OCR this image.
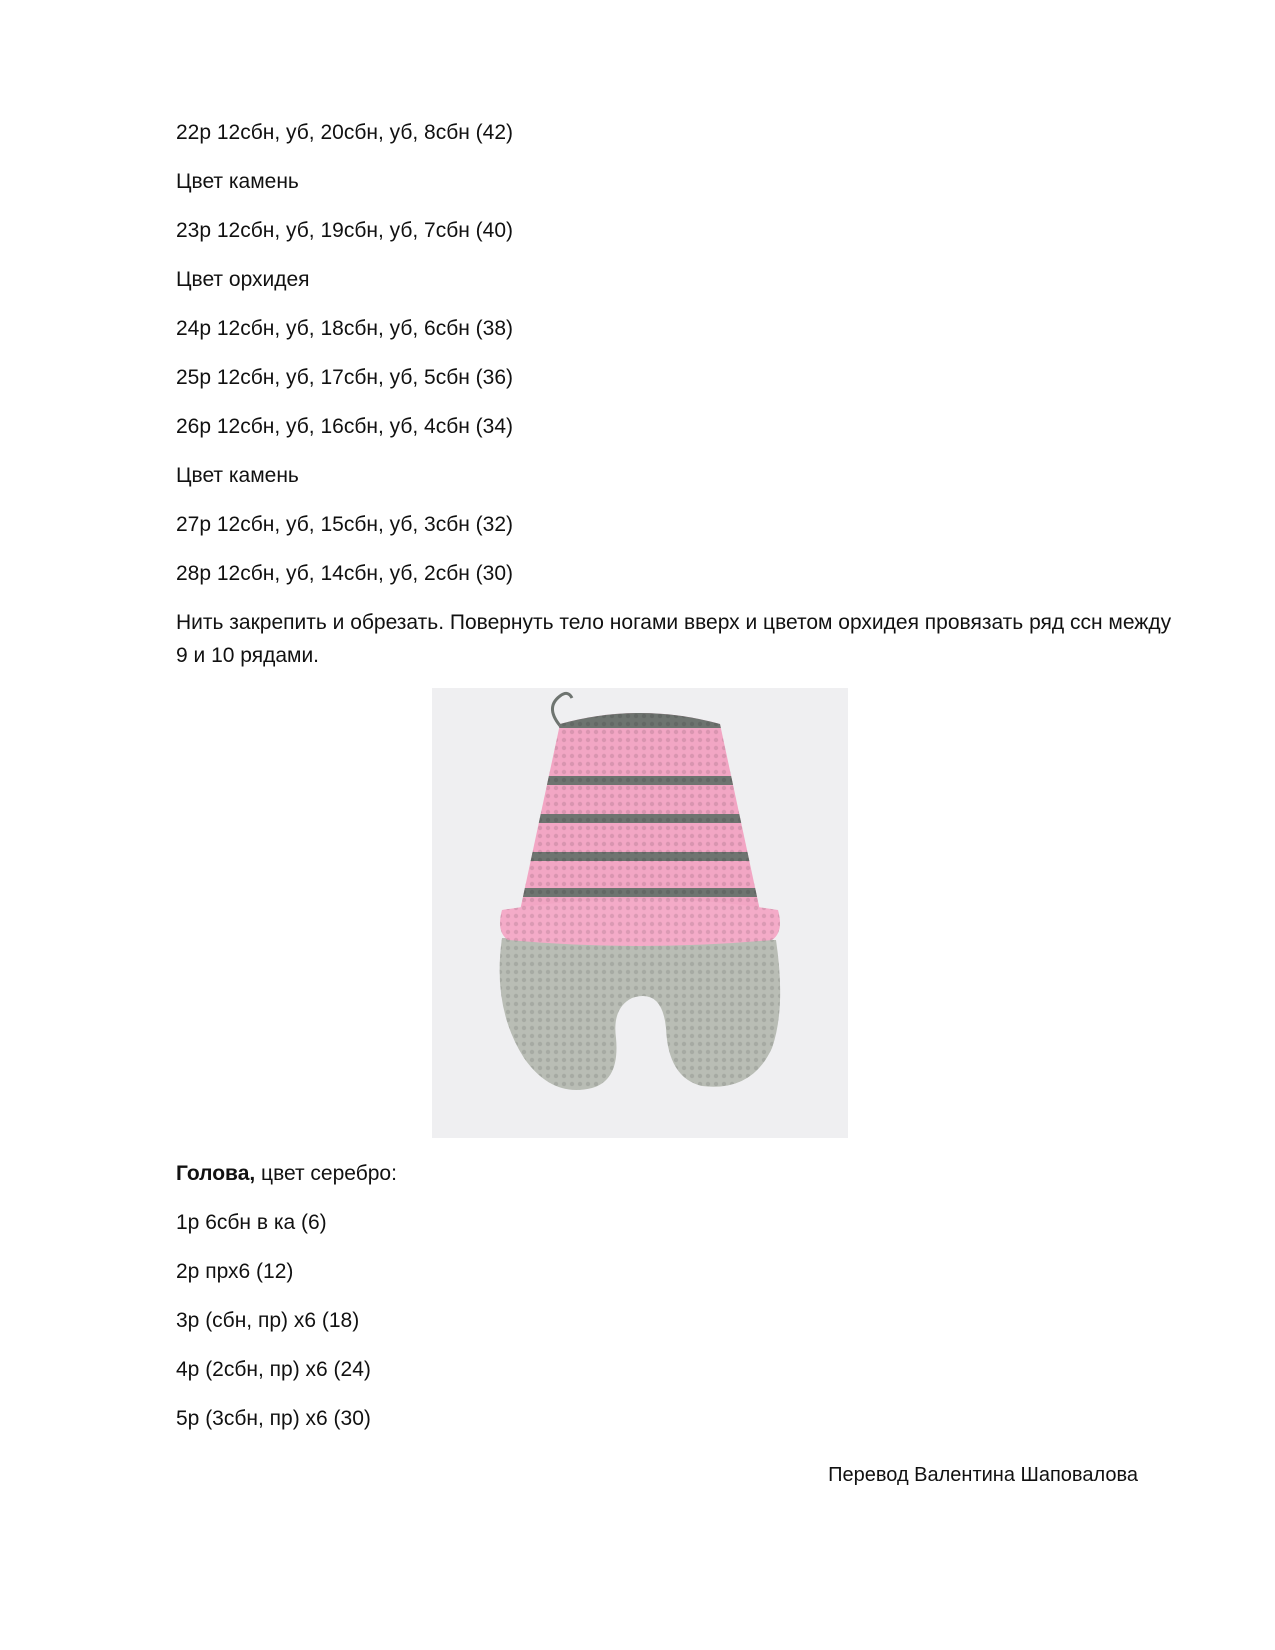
22р 12сбн, уб, 20сбн, уб, 8сбн (42)

Цвет камень

23р 12сбн, уб, 19сбн, уб, 7сбн (40)

Цвет орхидея

24р 12сбн, уб, 18сбн, уб, 6сбн (38)

25р 12сбн, уб, 17сбн, уб, 5сбн (36)

26р 12сбн, уб, 16сбн, уб, 4сбн (34)

Цвет камень

27р 12сбн, уб, 15сбн, уб, 3сбн (32)

28р 12сбн, уб, 14сбн, уб, 2сбн (30)

Нить закрепить и обрезать. Повернуть тело ногами вверх и цветом орхидея провязать ряд ссн между 9 и 10 рядами.

Голова, цвет серебро:

1р 6сбн в ка (6)

2р прх6 (12)

3р (сбн, пр) х6 (18)

4р (2сбн, пр) х6 (24)

5р (3сбн, пр) х6 (30)

Перевод Валентина Шаповалова
